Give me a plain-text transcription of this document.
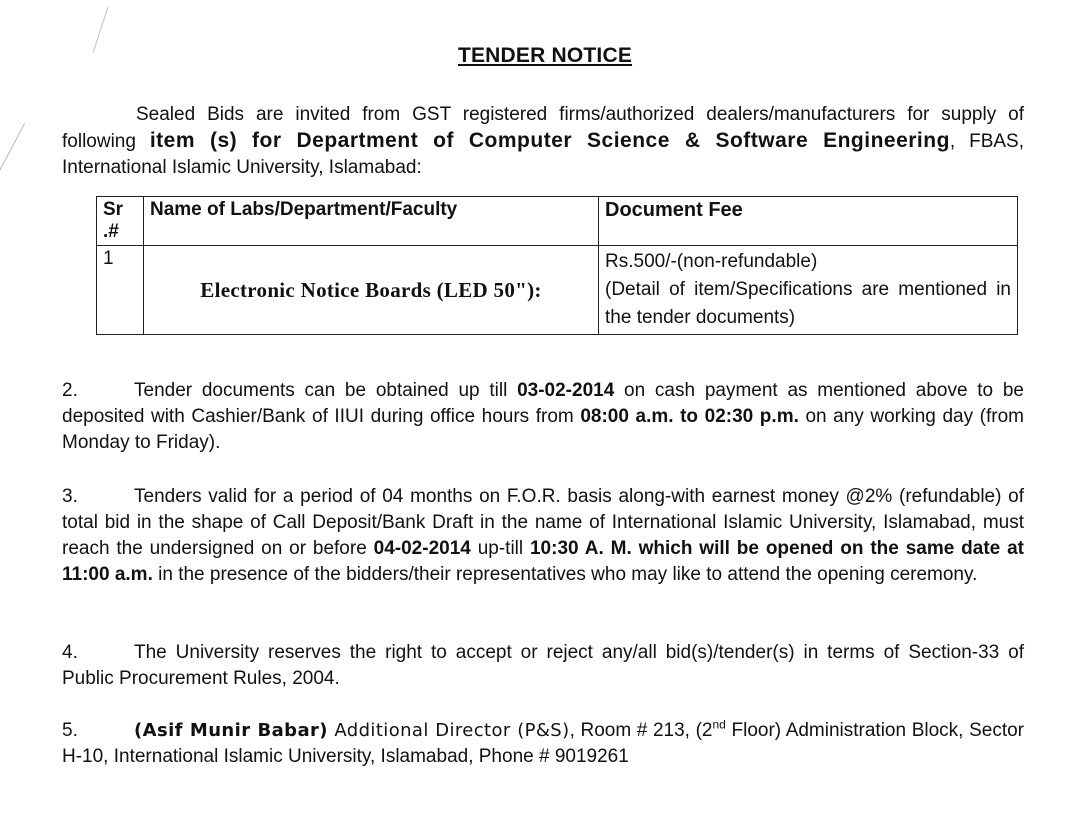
TENDER NOTICE
Sealed Bids are invited from GST registered firms/authorized dealers/manufacturers for supply of following item (s) for Department of Computer Science & Software Engineering, FBAS, International Islamic University, Islamabad:
Sr .#	Name of Labs/Department/Faculty	Document Fee
1	Electronic Notice Boards (LED 50"):	Rs.500/-(non-refundable)
(Detail of item/Specifications are mentioned in the tender documents)
2.	Tender documents can be obtained up till 03-02-2014 on cash payment as mentioned above to be deposited with Cashier/Bank of IIUI during office hours from 08:00 a.m. to 02:30 p.m. on any working day (from Monday to Friday).
3.	Tenders valid for a period of 04 months on F.O.R. basis along-with earnest money @2% (refundable) of total bid in the shape of Call Deposit/Bank Draft in the name of International Islamic University, Islamabad, must reach the undersigned on or before 04-02-2014 up-till 10:30 A. M. which will be opened on the same date at 11:00 a.m. in the presence of the bidders/their representatives who may like to attend the opening ceremony.
4.	The University reserves the right to accept or reject any/all bid(s)/tender(s) in terms of Section-33 of Public Procurement Rules, 2004.
5.	(Asif Munir Babar) Additional Director (P&S), Room # 213, (2nd Floor) Administration Block, Sector H-10, International Islamic University, Islamabad, Phone # 9019261
